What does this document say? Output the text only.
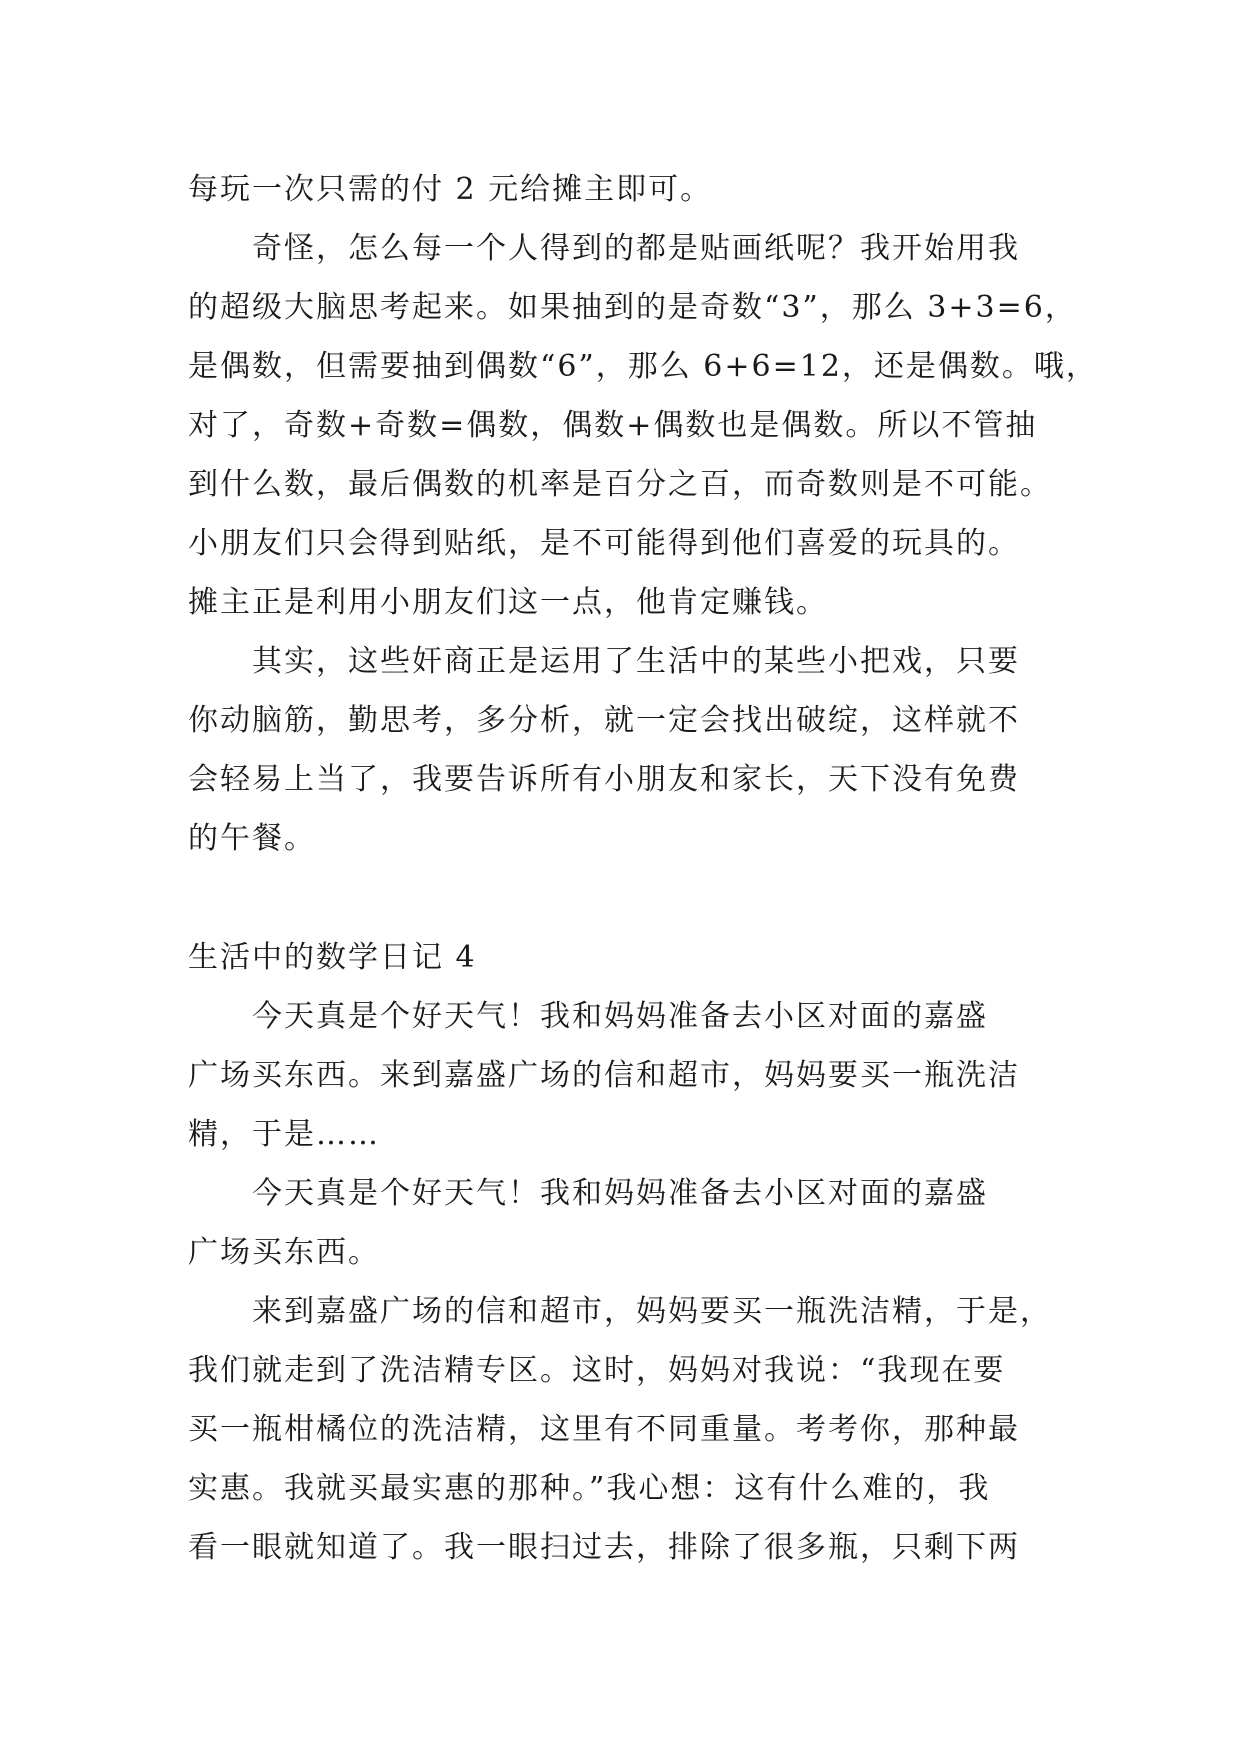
每玩一次只需的付 2 元给摊主即可。
奇怪，怎么每一个人得到的都是贴画纸呢？我开始用我
的超级大脑思考起来。如果抽到的是奇数“3”，那么 3+3=6，
是偶数，但需要抽到偶数“6”，那么 6+6=12，还是偶数。哦，
对了，奇数+奇数=偶数，偶数+偶数也是偶数。所以不管抽
到什么数，最后偶数的机率是百分之百，而奇数则是不可能。
小朋友们只会得到贴纸，是不可能得到他们喜爱的玩具的。
摊主正是利用小朋友们这一点，他肯定赚钱。
其实，这些奸商正是运用了生活中的某些小把戏，只要
你动脑筋，勤思考，多分析，就一定会找出破绽，这样就不
会轻易上当了，我要告诉所有小朋友和家长，天下没有免费
的午餐。
生活中的数学日记 4
今天真是个好天气！我和妈妈准备去小区对面的嘉盛
广场买东西。来到嘉盛广场的信和超市，妈妈要买一瓶洗洁
精，于是……
今天真是个好天气！我和妈妈准备去小区对面的嘉盛
广场买东西。
来到嘉盛广场的信和超市，妈妈要买一瓶洗洁精，于是，
我们就走到了洗洁精专区。这时，妈妈对我说：“我现在要
买一瓶柑橘位的洗洁精，这里有不同重量。考考你，那种最
实惠。我就买最实惠的那种。”我心想：这有什么难的，我
看一眼就知道了。我一眼扫过去，排除了很多瓶，只剩下两
